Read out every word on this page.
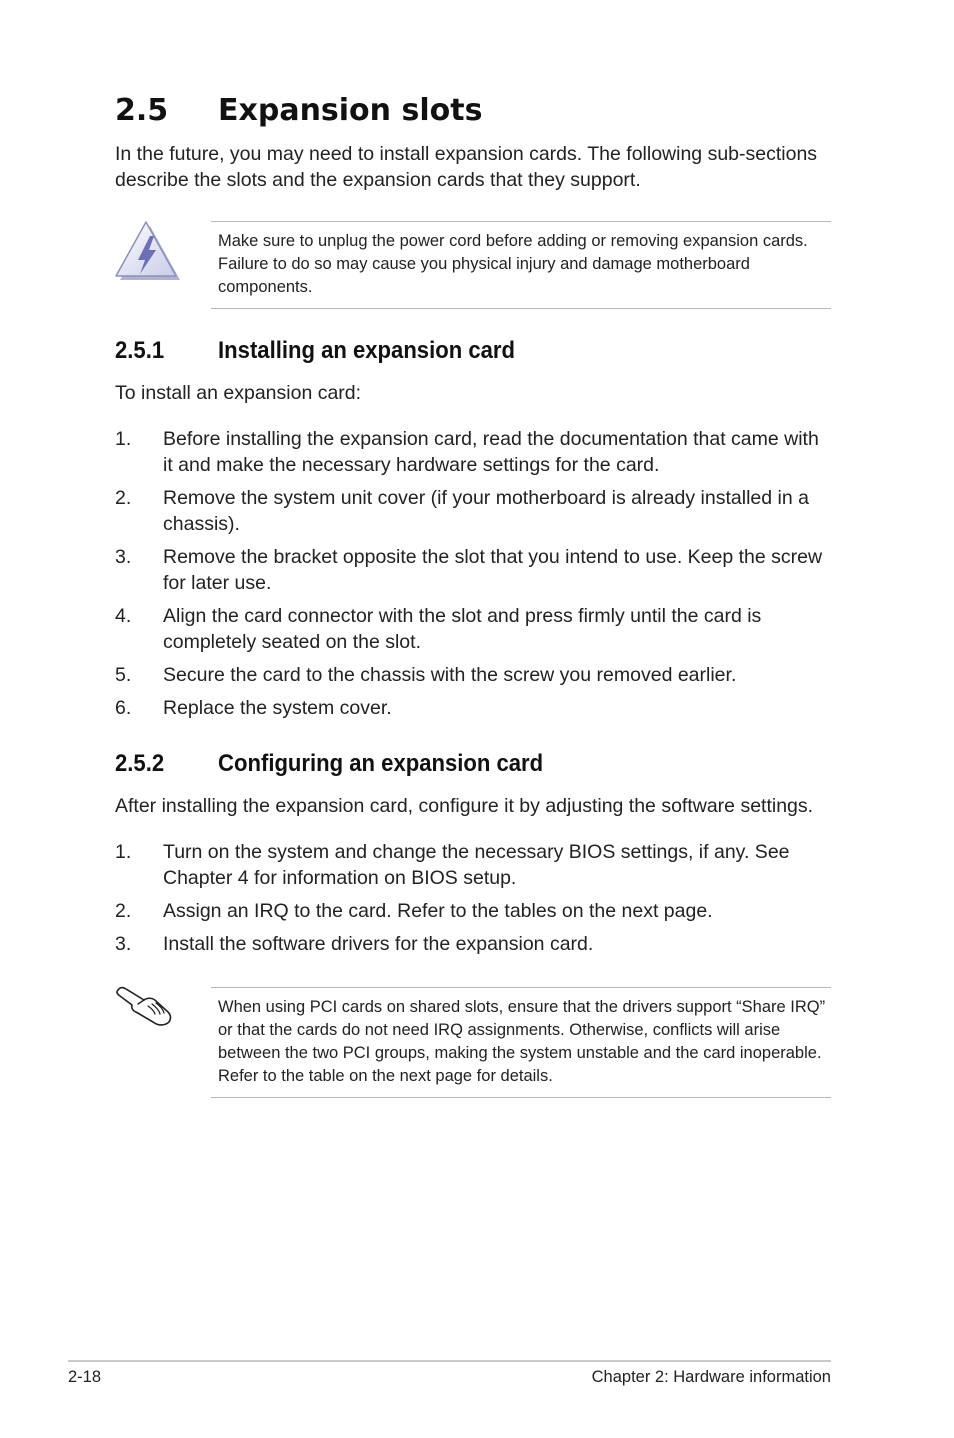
2.5 Expansion slots
In the future, you may need to install expansion cards. The following sub-sections describe the slots and the expansion cards that they support.
Make sure to unplug the power cord before adding or removing expansion cards. Failure to do so may cause you physical injury and damage motherboard components.
2.5.1 Installing an expansion card
To install an expansion card:
1.	Before installing the expansion card, read the documentation that came with it and make the necessary hardware settings for the card.
2.	Remove the system unit cover (if your motherboard is already installed in a chassis).
3.	Remove the bracket opposite the slot that you intend to use. Keep the screw for later use.
4.	Align the card connector with the slot and press firmly until the card is completely seated on the slot.
5.	Secure the card to the chassis with the screw you removed earlier.
6.	Replace the system cover.
2.5.2 Configuring an expansion card
After installing the expansion card, configure it by adjusting the software settings.
1.	Turn on the system and change the necessary BIOS settings, if any. See Chapter 4 for information on BIOS setup.
2.	Assign an IRQ to the card. Refer to the tables on the next page.
3.	Install the software drivers for the expansion card.
When using PCI cards on shared slots, ensure that the drivers support “Share IRQ” or that the cards do not need IRQ assignments. Otherwise, conflicts will arise between the two PCI groups, making the system unstable and the card inoperable. Refer to the table on the next page for details.
2-18	Chapter 2: Hardware information
